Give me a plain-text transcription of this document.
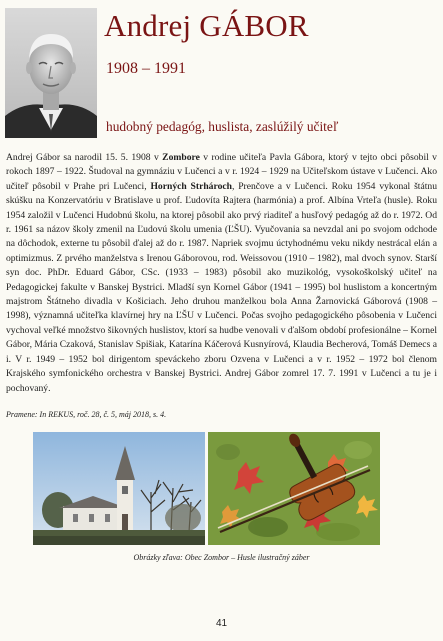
Andrej GÁBOR
1908 – 1991
hudobný pedagóg, huslista, zaslúžilý učiteľ
Andrej Gábor sa narodil 15. 5. 1908 v Zombore v rodine učiteľa Pavla Gábora, ktorý v tejto obci pôsobil v rokoch 1897 – 1922. Študoval na gymnáziu v Lučenci a v r. 1924 – 1929 na Učiteľskom ústave v Lučenci. Ako učiteľ pôsobil v Prahe pri Lučenci, Horných Strhároch, Prenčove a v Lučenci. Roku 1954 vykonal štátnu skúšku na Konzervatóriu v Bratislave u prof. Ľudovíta Rajtera (harmónia) a prof. Albína Vrteľa (husle). Roku 1954 založil v Lučenci Hudobnú školu, na ktorej pôsobil ako prvý riaditeľ a husľový pedagóg až do r. 1972. Od r. 1961 sa názov školy zmenil na Ľudovú školu umenia (ĽŠU). Vyučovania sa nevzdal ani po svojom odchode na dôchodok, externe tu pôsobil ďalej až do r. 1987. Napriek svojmu úctyhodnému veku nikdy nestrácal elán a optimizmus. Z prvého manželstva s Irenou Gáborovou, rod. Weissovou (1910 – 1982), mal dvoch synov. Starší syn doc. PhDr. Eduard Gábor, CSc. (1933 – 1983) pôsobil ako muzikológ, vysokoškolský učiteľ na Pedagogickej fakulte v Banskej Bystrici. Mladší syn Kornel Gábor (1941 – 1995) bol huslistom a koncertným majstrom Štátneho divadla v Košiciach. Jeho druhou manželkou bola Anna Žarnovická Gáborová (1908 – 1998), významná učiteľka klavírnej hry na ĽŠU v Lučenci. Počas svojho pedagogického pôsobenia v Lučenci vychoval veľké množstvo šikovných huslistov, ktorí sa hudbe venovali v ďalšom období profesionálne – Kornel Gábor, Mária Czaková, Stanislav Spišiak, Katarína Káčerová Kusnyírová, Klaudia Becherová, Tomáš Demecs a i. V r. 1949 – 1952 bol dirigentom speváckeho zboru Ozvena v Lučenci a v r. 1952 – 1972 bol členom Krajského symfonického orchestra v Banskej Bystrici. Andrej Gábor zomrel 17. 7. 1991 v Lučenci a tu je i pochovaný.
Pramene: In REKUS, roč. 28, č. 5, máj 2018, s. 4.
Obrázky zľava: Obec Zombor – Husle ilustračný záber
41
